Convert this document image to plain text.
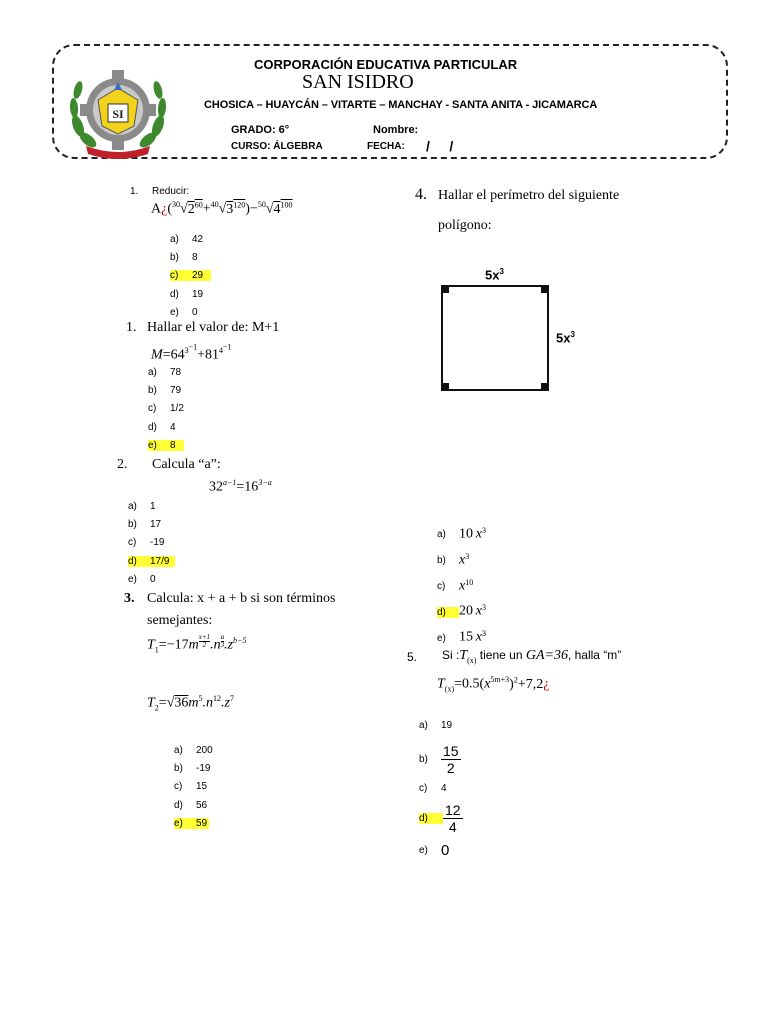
SI
CORPORACIÓN EDUCATIVA PARTICULAR
SAN ISIDRO
CHOSICA – HUAYCÁN – VITARTE – MANCHAY - SANTA ANITA - JICAMARCA
GRADO: 6°	Nombre:
CURSO: ÁLGEBRA	FECHA: /     /
1. Reducir:
$A¿(^{30}√2^{60}+^{40}√3^{120})-^{50}√4^{100}$
a) 42
b) 8
c) 29
d) 19
e) 0
1. Hallar el valor de: M+1
$M=64^{3^{-1}}+81^{4^{-1}}$
a) 78
b) 79
c) 1/2
d) 4
e) 8
2. Calcula “a”:
$32^{a-1}=16^{3-a}$
a) 1
b) 17
c) -19
d) 17/9
e) 0
3. Calcula: x + a + b si son términos
semejantes:
$T_1=-17m$ $^{\frac{x+1}{2}}$ .n $^{\frac{a}{3}}$ $.z^{b-5}$
$T_2=√36m^5.n^{12}.z^7$
a) 200
b) -19
c) 15
d) 56
e) 59
4. Hallar el perímetro del siguiente
polígono:
$5x^3$
$5x^3$
a) 10 $x^3$
b) $x^3$
c) $x^{10}$
d) 20 $x^3$
e) 15 $x^3$
5. Si $:T_{(x)}$ tiene un GA=36, halla “m”
$T_{(x)}=0.5(x^{5m+3})^2+7,2¿$
a) 19
$b) \frac{15}{2}$
c) 4
d)	$\frac{12}{4}$
e) 0
